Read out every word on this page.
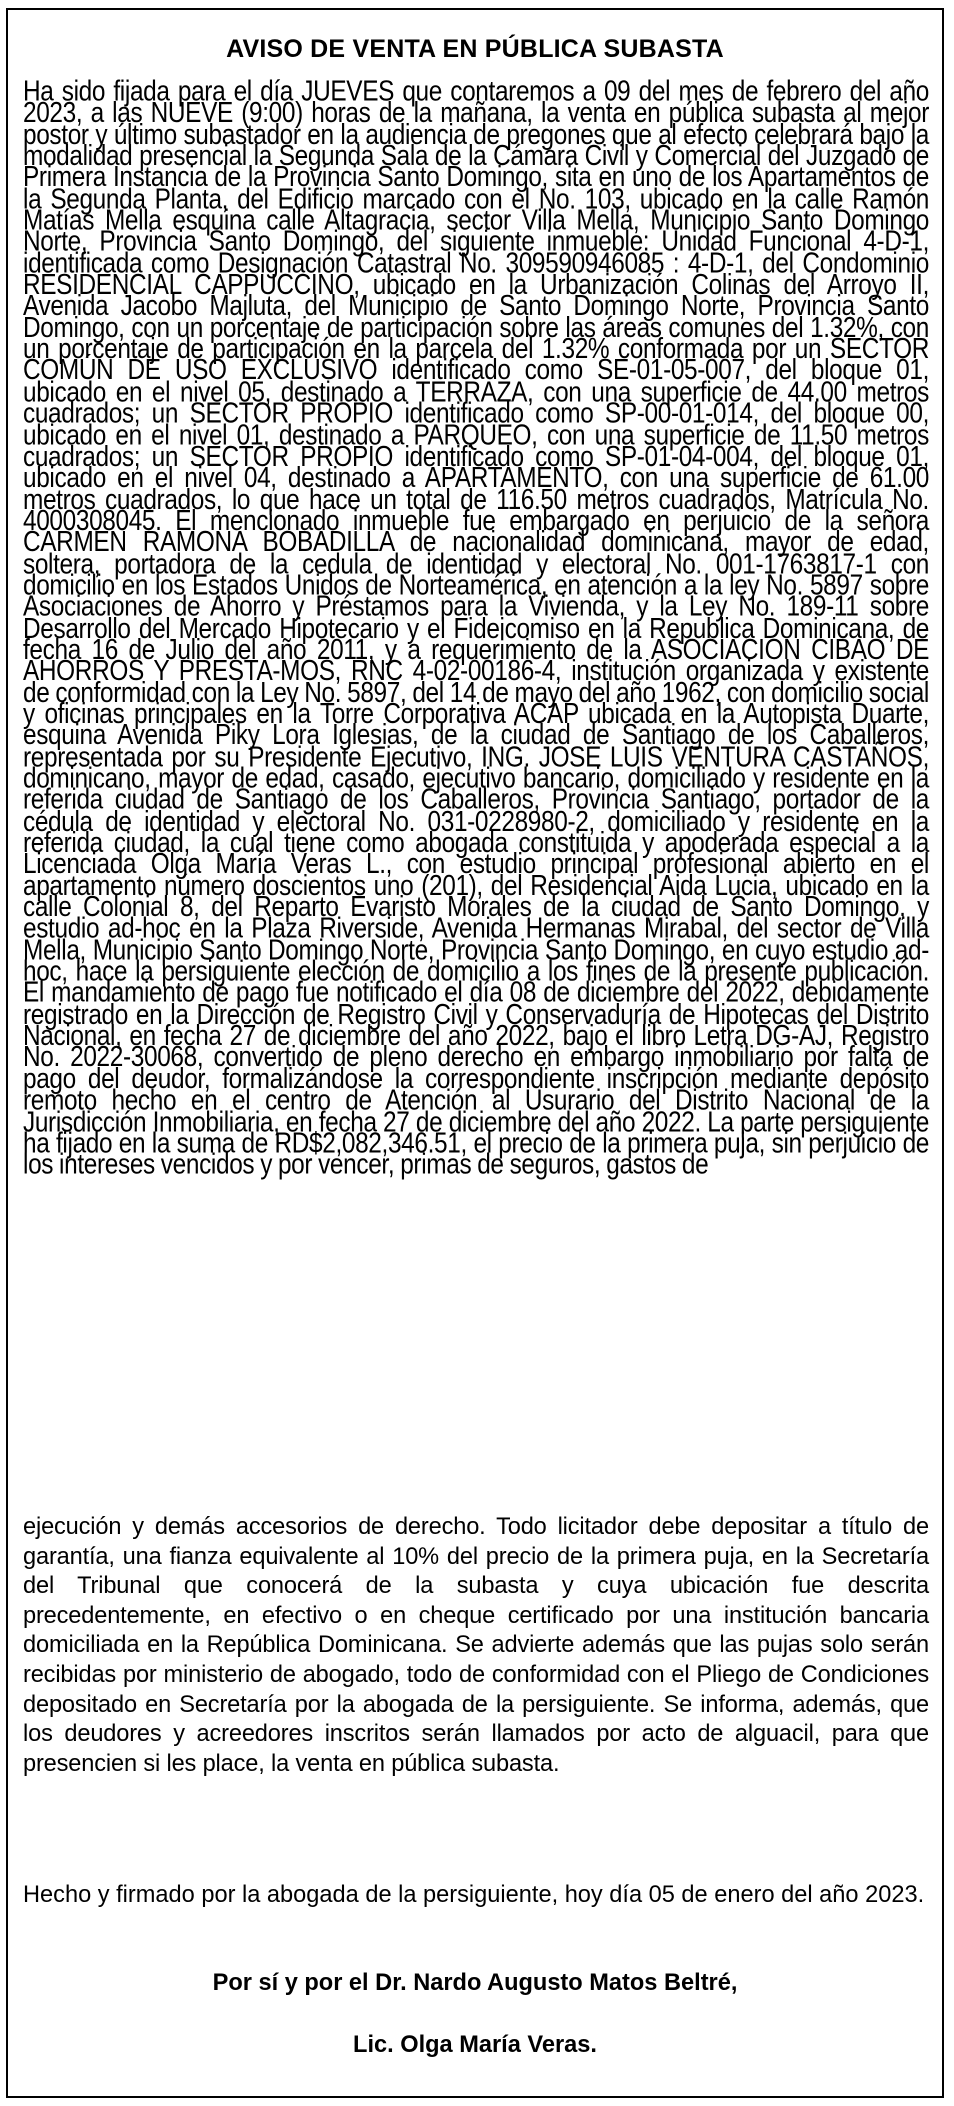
AVISO DE VENTA EN PÚBLICA SUBASTA
Ha sido fijada para el día JUEVES que contaremos a 09 del mes de febrero del año 2023, a las NUEVE (9:00) horas de la mañana, la venta en pública subasta al mejor postor y último subastador en la audiencia de pregones que al efecto celebrará bajo la modalidad presencial la Segunda Sala de la Cámara Civil y Comercial del Juzgado de Primera Instancia de la Provincia Santo Domingo, sita en uno de los Apartamentos de la Segunda Planta, del Edificio marcado con el No. 103, ubicado en la calle Ramón Matías Mella esquina calle Altagracia, sector Villa Mella, Municipio Santo Domingo Norte, Provincia Santo Domingo, del siguiente inmueble: Unidad Funcional 4-D-1, identificada como Designación Catastral No. 309590946085 : 4-D-1, del Condominio RESIDENCIAL CAPPUCCINO, ubicado en la Urbanización Colinas del Arroyo II, Avenida Jacobo Majluta, del Municipio de Santo Domingo Norte, Provincia Santo Domingo, con un porcentaje de participación sobre las áreas comunes del 1.32%, con un porcentaje de participación en la parcela del 1.32% conformada por un SECTOR COMÚN DE USO EXCLUSIVO identificado como SE-01-05-007, del bloque 01, ubicado en el nivel 05, destinado a TERRAZA, con una superficie de 44.00 metros cuadrados; un SECTOR PROPIO identificado como SP-00-01-014, del bloque 00, ubicado en el nivel 01, destinado a PARQUEO, con una superficie de 11.50 metros cuadrados; un SECTOR PROPIO identificado como SP-01-04-004, del bloque 01, ubicado en el nivel 04, destinado a APARTAMENTO, con una superficie de 61.00 metros cuadrados, lo que hace un total de 116.50 metros cuadrados, Matrícula No. 4000308045. El mencionado inmueble fue embargado en perjuicio de la señora CARMEN RAMONA BOBADILLA de nacionalidad dominicana, mayor de edad, soltera, portadora de la cedula de identidad y electoral No. 001-1763817-1 con domicilio en los Estados Unidos de Norteamérica, en atención a la ley No. 5897 sobre Asociaciones de Ahorro y Préstamos para la Vivienda, y la Ley No. 189-11 sobre Desarrollo del Mercado Hipotecario y el Fideicomiso en la Republica Dominicana, de fecha 16 de Julio del año 2011, y a requerimiento de la ASOCIACION CIBAO DE AHORROS Y PRESTA-MOS, RNC 4-02-00186-4, institución organizada y existente de conformidad con la Ley No. 5897, del 14 de mayo del año 1962, con domicilio social y oficinas principales en la Torre Corporativa ACAP ubicada en la Autopista Duarte, esquina Avenida Piky Lora Iglesias, de la ciudad de Santiago de los Caballeros, representada por su Presidente Ejecutivo, ING. JOSE LUIS VENTURA CASTAÑOS, dominicano, mayor de edad, casado, ejecutivo bancario, domiciliado y residente en la referida ciudad de Santiago de los Caballeros, Provincia Santiago, portador de la cédula de identidad y electoral No. 031-0228980-2, domiciliado y residente en la referida ciudad, la cual tiene como abogada constituida y apoderada especial a la Licenciada Olga María Veras L., con estudio principal profesional abierto en el apartamento número doscientos uno (201), del Residencial Aida Lucia, ubicado en la calle Colonial 8, del Reparto Evaristo Morales de la ciudad de Santo Domingo, y estudio ad-hoc en la Plaza Riverside, Avenida Hermanas Mirabal, del sector de Villa Mella, Municipio Santo Domingo Norte, Provincia Santo Domingo, en cuyo estudio ad-hoc, hace la persiguiente elección de domicilio a los fines de la presente publicación. El mandamiento de pago fue notificado el día 08 de diciembre del 2022, debidamente registrado en la Dirección de Registro Civil y Conservaduría de Hipotecas del Distrito Nacional, en fecha 27 de diciembre del año 2022, bajo el libro Letra DG-AJ, Registro No. 2022-30068, convertido de pleno derecho en embargo inmobiliario por falta de pago del deudor, formalizándose la correspondiente inscripción mediante depósito remoto hecho en el centro de Atención al Usurario del Distrito Nacional de la Jurisdicción Inmobiliaria, en fecha 27 de diciembre del año 2022. La parte persiguiente ha fijado en la suma de RD$2,082,346.51, el precio de la primera puja, sin perjuicio de los intereses vencidos y por vencer, primas de seguros, gastos de
ejecución y demás accesorios de derecho. Todo licitador debe depositar a título de garantía, una fianza equivalente al 10% del precio de la primera puja, en la Secretaría del Tribunal que conocerá de la subasta y cuya ubicación fue descrita precedentemente, en efectivo o en cheque certificado por una institución bancaria domiciliada en la República Dominicana. Se advierte además que las pujas solo serán recibidas por ministerio de abogado, todo de conformidad con el Pliego de Condiciones depositado en Secretaría por la abogada de la persiguiente. Se informa, además, que los deudores y acreedores inscritos serán llamados por acto de alguacil, para que presencien si les place, la venta en pública subasta.
Hecho y firmado por la abogada de la persiguiente, hoy día 05 de enero del año 2023.
Por sí y por el Dr. Nardo Augusto Matos Beltré,
Lic. Olga María Veras.
